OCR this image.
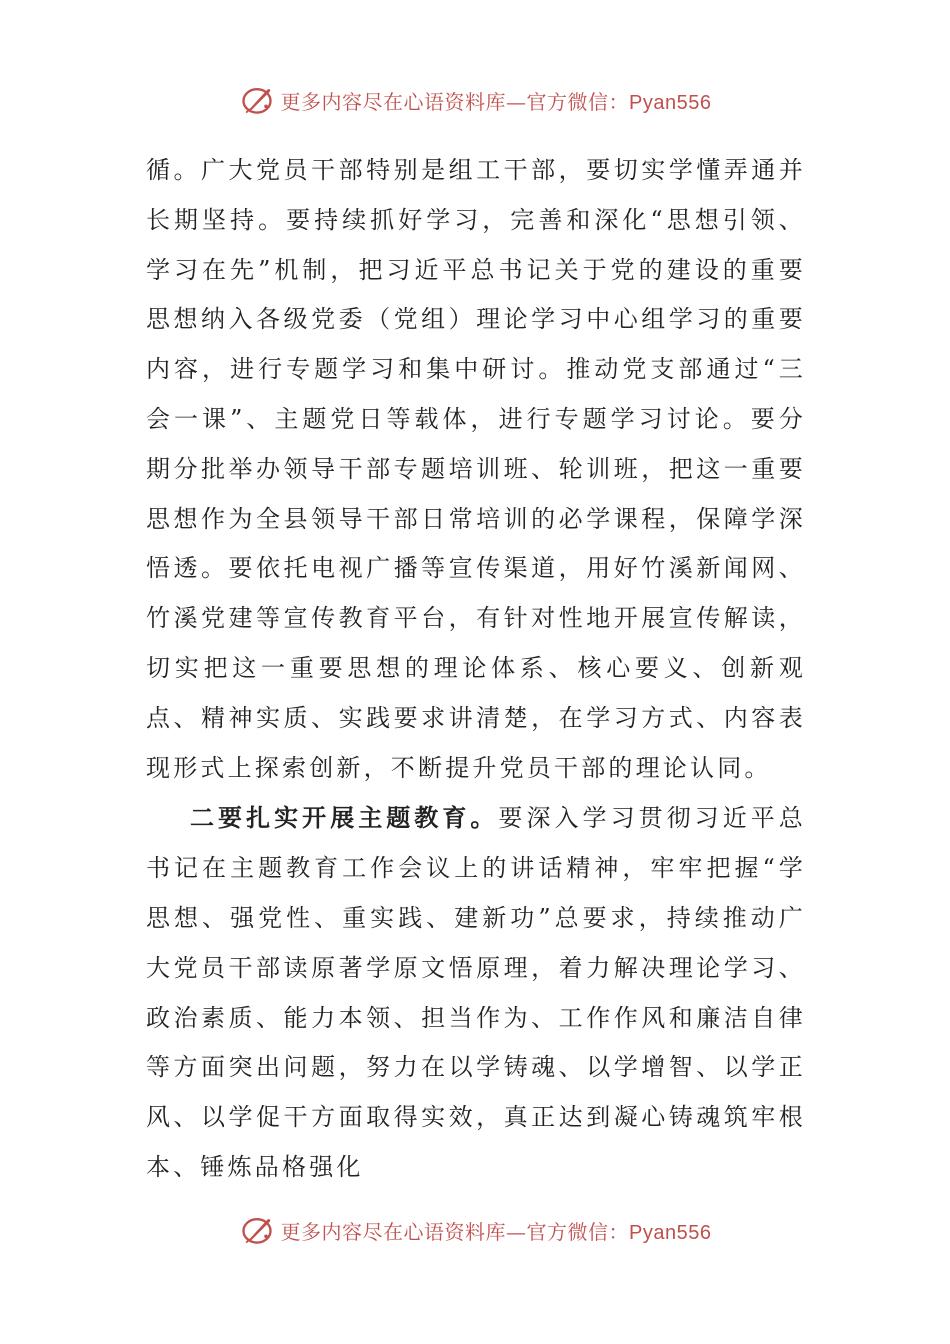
更多内容尽在心语资料库—官方微信：Pyan556

循。广大党员干部特别是组工干部，要切实学懂弄通并长期坚持。要持续抓好学习，完善和深化“思想引领、学习在先”机制，把习近平总书记关于党的建设的重要思想纳入各级党委（党组）理论学习中心组学习的重要内容，进行专题学习和集中研讨。推动党支部通过“三会一课”、主题党日等载体，进行专题学习讨论。要分期分批举办领导干部专题培训班、轮训班，把这一重要思想作为全县领导干部日常培训的必学课程，保障学深悟透。要依托电视广播等宣传渠道，用好竹溪新闻网、竹溪党建等宣传教育平台，有针对性地开展宣传解读，切实把这一重要思想的理论体系、核心要义、创新观点、精神实质、实践要求讲清楚，在学习方式、内容表现形式上探索创新，不断提升党员干部的理论认同。

二要扎实开展主题教育。要深入学习贯彻习近平总书记在主题教育工作会议上的讲话精神，牢牢把握“学思想、强党性、重实践、建新功”总要求，持续推动广大党员干部读原著学原文悟原理，着力解决理论学习、政治素质、能力本领、担当作为、工作作风和廉洁自律等方面突出问题，努力在以学铸魂、以学增智、以学正风、以学促干方面取得实效，真正达到凝心铸魂筑牢根本、锤炼品格强化

更多内容尽在心语资料库—官方微信：Pyan556
